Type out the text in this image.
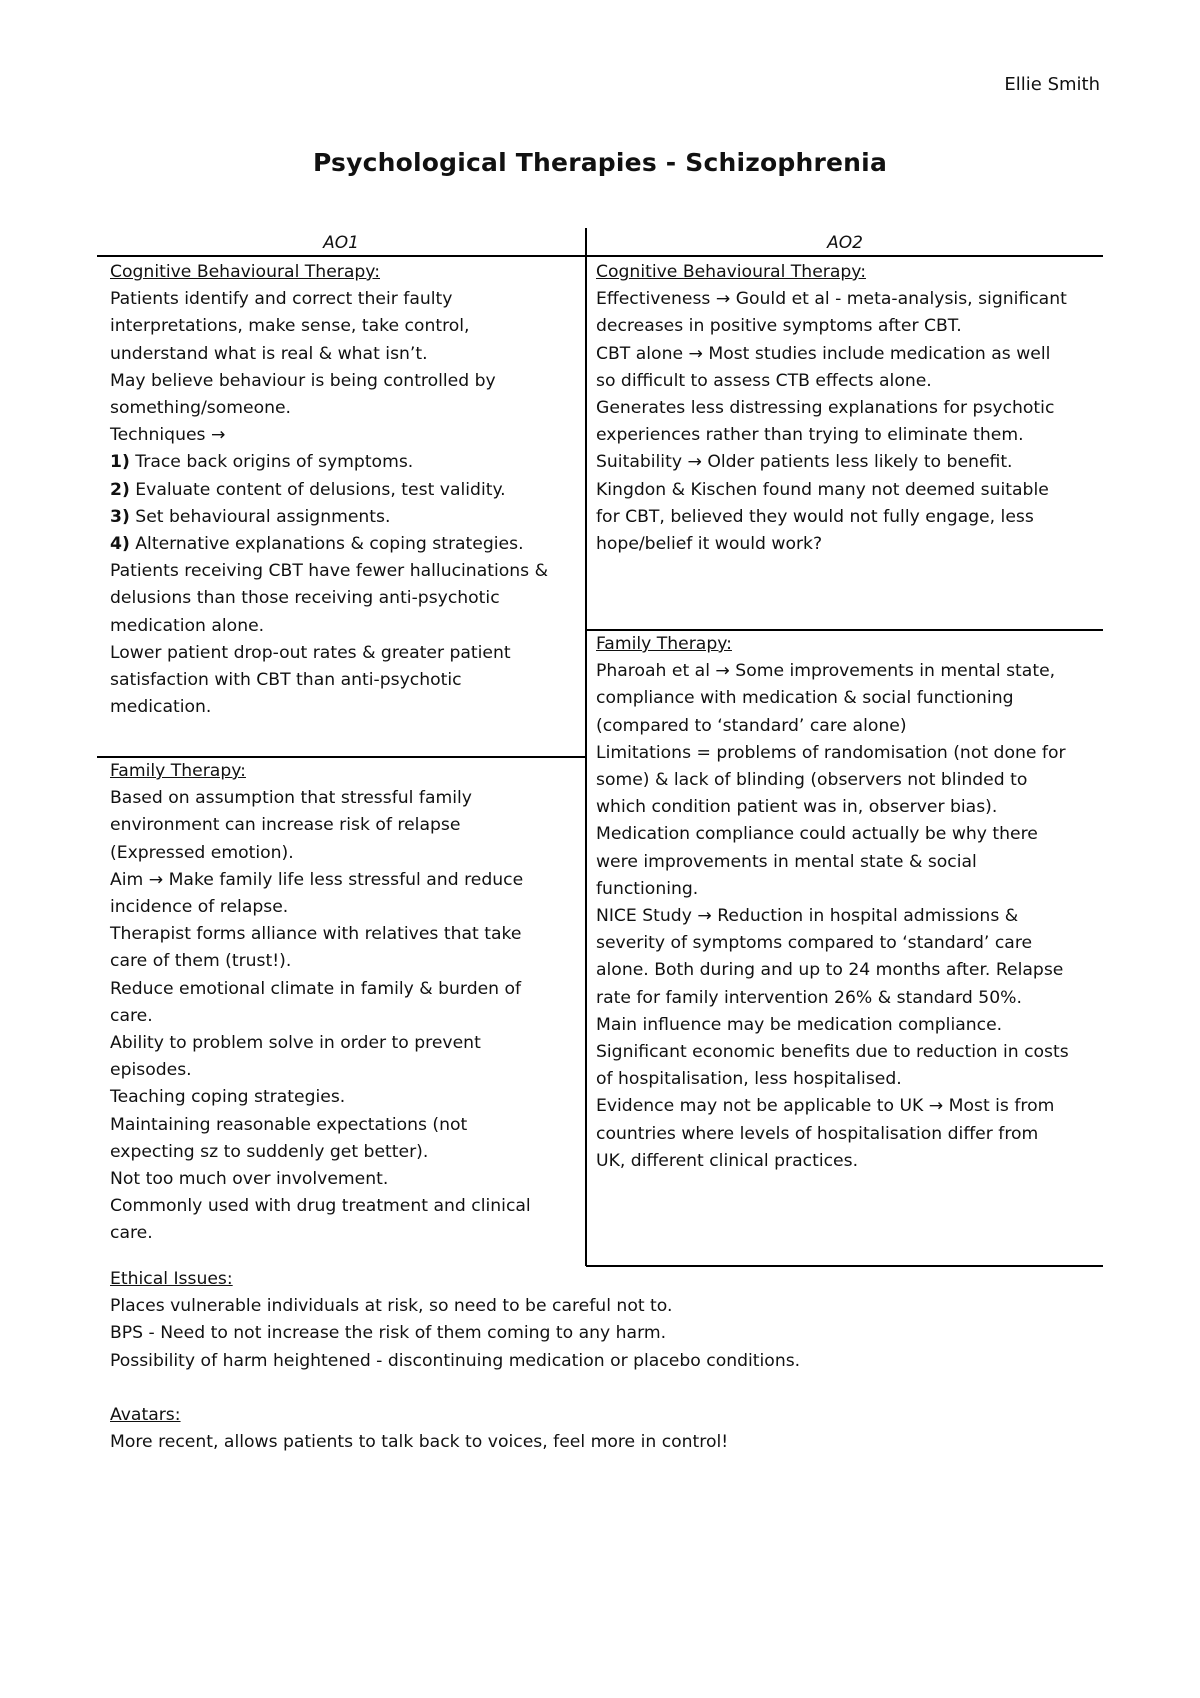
Ellie Smith
Psychological Therapies - Schizophrenia
AO1	AO2
Cognitive Behavioural Therapy:
Patients identify and correct their faulty
interpretations, make sense, take control,
understand what is real & what isn’t.
May believe behaviour is being controlled by
something/someone.
Techniques →
1) Trace back origins of symptoms.
2) Evaluate content of delusions, test validity.
3) Set behavioural assignments.
4) Alternative explanations & coping strategies.
Patients receiving CBT have fewer hallucinations &
delusions than those receiving anti-psychotic
medication alone.
Lower patient drop-out rates & greater patient
satisfaction with CBT than anti-psychotic
medication.
Family Therapy:
Based on assumption that stressful family
environment can increase risk of relapse
(Expressed emotion).
Aim → Make family life less stressful and reduce
incidence of relapse.
Therapist forms alliance with relatives that take
care of them (trust!).
Reduce emotional climate in family & burden of
care.
Ability to problem solve in order to prevent
episodes.
Teaching coping strategies.
Maintaining reasonable expectations (not
expecting sz to suddenly get better).
Not too much over involvement.
Commonly used with drug treatment and clinical
care.
Cognitive Behavioural Therapy:
Effectiveness → Gould et al - meta-analysis, significant
decreases in positive symptoms after CBT.
CBT alone → Most studies include medication as well
so difficult to assess CTB effects alone.
Generates less distressing explanations for psychotic
experiences rather than trying to eliminate them.
Suitability → Older patients less likely to benefit.
Kingdon & Kischen found many not deemed suitable
for CBT, believed they would not fully engage, less
hope/belief it would work?
Family Therapy:
Pharoah et al → Some improvements in mental state,
compliance with medication & social functioning
(compared to ‘standard’ care alone)
Limitations = problems of randomisation (not done for
some) & lack of blinding (observers not blinded to
which condition patient was in, observer bias).
Medication compliance could actually be why there
were improvements in mental state & social
functioning.
NICE Study → Reduction in hospital admissions &
severity of symptoms compared to ‘standard’ care
alone. Both during and up to 24 months after. Relapse
rate for family intervention 26% & standard 50%.
Main influence may be medication compliance.
Significant economic benefits due to reduction in costs
of hospitalisation, less hospitalised.
Evidence may not be applicable to UK → Most is from
countries where levels of hospitalisation differ from
UK, different clinical practices.
Ethical Issues:
Places vulnerable individuals at risk, so need to be careful not to.
BPS - Need to not increase the risk of them coming to any harm.
Possibility of harm heightened - discontinuing medication or placebo conditions.
Avatars:
More recent, allows patients to talk back to voices, feel more in control!
